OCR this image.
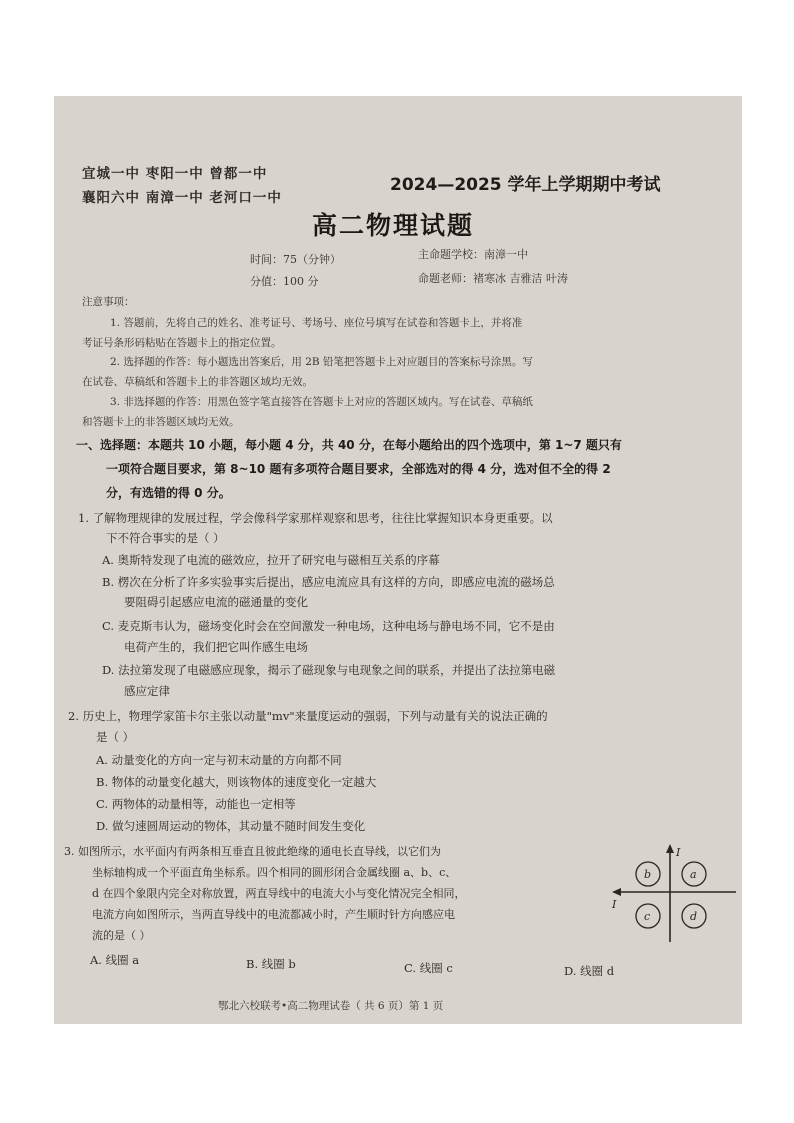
宜城一中 枣阳一中 曾都一中
襄阳六中 南漳一中 老河口一中
2024—2025 学年上学期期中考试
高二物理试题
时间：75（分钟）
分值：100 分
主命题学校：南漳一中
命题老师：褚寒冰 吉雅洁 叶涛
注意事项：
1. 答题前，先将自己的姓名、准考证号、考场号、座位号填写在试卷和答题卡上，并将准
考证号条形码粘贴在答题卡上的指定位置。
2. 选择题的作答：每小题选出答案后，用 2B 铅笔把答题卡上对应题目的答案标号涂黑。写
在试卷、草稿纸和答题卡上的非答题区域均无效。
3. 非选择题的作答：用黑色签字笔直接答在答题卡上对应的答题区域内。写在试卷、草稿纸
和答题卡上的非答题区域均无效。
一、选择题：本题共 10 小题，每小题 4 分，共 40 分，在每小题给出的四个选项中，第 1~7 题只有
一项符合题目要求，第 8~10 题有多项符合题目要求，全部选对的得 4 分，选对但不全的得 2
分，有选错的得 0 分。
1. 了解物理规律的发展过程，学会像科学家那样观察和思考，往往比掌握知识本身更重要。以
下不符合事实的是（ ）
A. 奥斯特发现了电流的磁效应，拉开了研究电与磁相互关系的序幕
B. 楞次在分析了许多实验事实后提出，感应电流应具有这样的方向，即感应电流的磁场总
要阻碍引起感应电流的磁通量的变化
C. 麦克斯韦认为，磁场变化时会在空间激发一种电场，这种电场与静电场不同，它不是由
电荷产生的，我们把它叫作感生电场
D. 法拉第发现了电磁感应现象，揭示了磁现象与电现象之间的联系，并提出了法拉第电磁
感应定律
2. 历史上，物理学家笛卡尔主张以动量"mv"来量度运动的强弱，下列与动量有关的说法正确的
是（ ）
A. 动量变化的方向一定与初末动量的方向都不同
B. 物体的动量变化越大，则该物体的速度变化一定越大
C. 两物体的动量相等，动能也一定相等
D. 做匀速圆周运动的物体，其动量不随时间发生变化
3. 如图所示，水平面内有两条相互垂直且彼此绝缘的通电长直导线，以它们为
坐标轴构成一个平面直角坐标系。四个相同的圆形闭合金属线圈 a、b、c、
d 在四个象限内完全对称放置，两直导线中的电流大小与变化情况完全相同，
电流方向如图所示，当两直导线中的电流都减小时，产生顺时针方向感应电
流的是（ ）
A. 线圈 a	B. 线圈 b	C. 线圈 c	D. 线圈 d
I
I
b	a
c	d
鄂北六校联考•高二物理试卷（ 共 6 页）第 1 页
